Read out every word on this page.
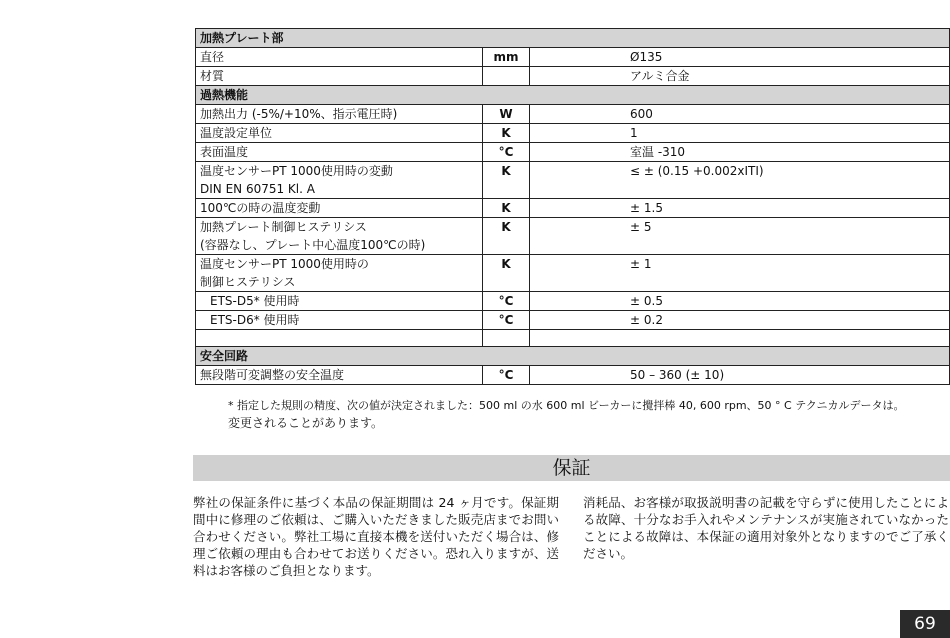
加熱プレート部		
直径	mm	Ø135
材質		アルミ合金
過熱機能		
加熱出力 (-5%/+10%、指示電圧時)	W	600
温度設定単位	K	1
表面温度	°C	室温 -310

温度センサーPT 1000使用時の変動
DIN EN 60751 Kl. A	K	≤ ± (0.15 +0.002xITI)
100℃の時の温度変動	K	± 1.5

加熱プレート制御ヒステリシス
(容器なし、プレート中心温度100℃の時)	K	± 5

温度センサーPT 1000使用時の
制御ヒステリシス	K	± 1
ETS-D5* 使用時	°C	± 0.5
ETS-D6* 使用時	°C	± 0.2

安全回路		
無段階可変調整の安全温度	°C	50 – 360 (± 10)
* 指定した規則の精度、次の値が決定されました：500 ml の水 600 ml ビーカーに攪拌棒 40, 600 rpm、50 ° C テクニカルデータは。
変更されることがあります。
保証
弊社の保証条件に基づく本品の保証期間は 24 ヶ月です。保証期間中に修理のご依頼は、ご購入いただきました販売店までお問い合わせください。弊社工場に直接本機を送付いただく場合は、修理ご依頼の理由も合わせてお送りください。恐れ入りますが、送料はお客様のご負担となります。
消耗品、お客様が取扱説明書の記載を守らずに使用したことによる故障、十分なお手入れやメンテナンスが実施されていなかったことによる故障は、本保証の適用対象外となりますのでご了承ください。
69
